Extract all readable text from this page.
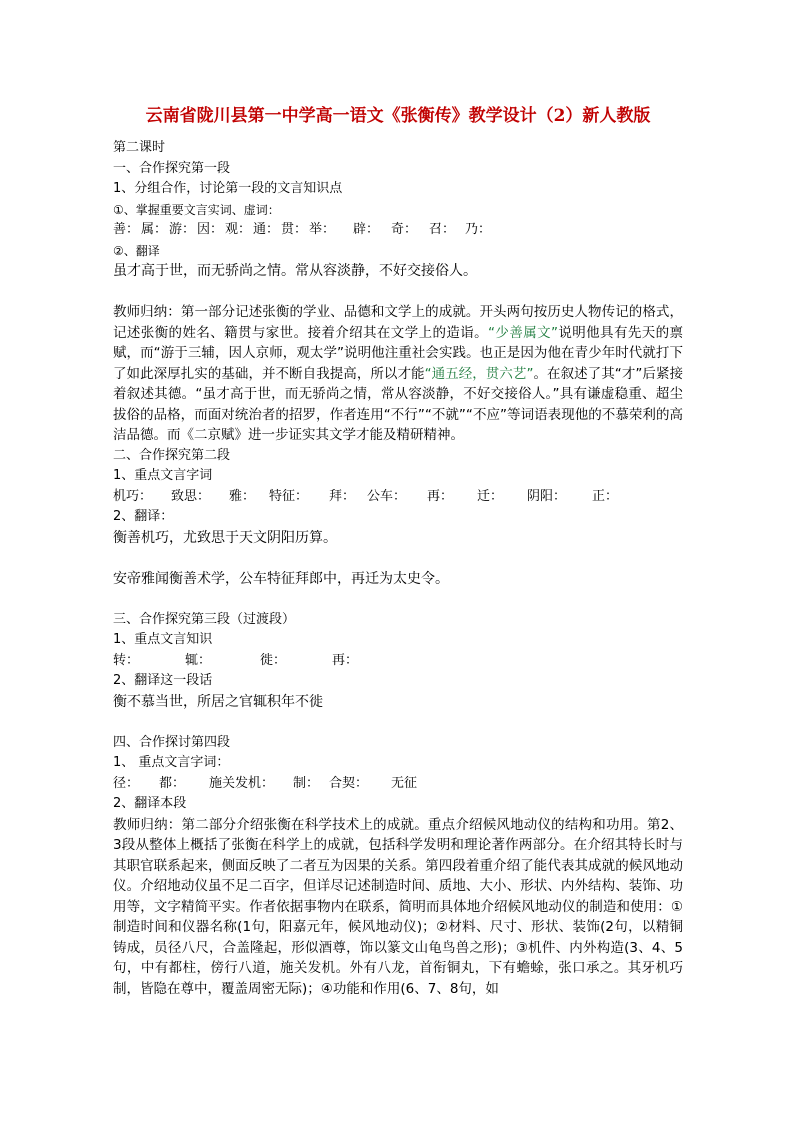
云南省陇川县第一中学高一语文《张衡传》教学设计（2）新人教版
第二课时
一、合作探究第一段
1、分组合作，讨论第一段的文言知识点
①、掌握重要文言实词、虚词：
善： 属： 游： 因： 观： 通： 贯： 举：	辟： 奇： 召： 乃：
②、翻译
虽才高于世，而无骄尚之情。常从容淡静，不好交接俗人。

教师归纳：第一部分记述张衡的学业、品德和文学上的成就。开头两句按历史人物传记的格式，记述张衡的姓名、籍贯与家世。接着介绍其在文学上的造诣。“少善属文”说明他具有先天的禀赋，而“游于三辅，因人京师，观太学”说明他注重社会实践。也正是因为他在青少年时代就打下了如此深厚扎实的基础，并不断自我提高，所以才能“通五经，贯六艺”。在叙述了其“才”后紧接着叙述其德。“虽才高于世，而无骄尚之情，常从容淡静，不好交接俗人。”具有谦虚稳重、超尘拔俗的品格，而面对统治者的招罗，作者连用“不行”“不就”“不应”等词语表现他的不慕荣利的高洁品德。而《二京赋》进一步证实其文学才能及精研精神。

二、合作探究第二段
1、重点文言字词
机巧：	致思：	雅：	特征：	拜： 公车：	再：	迁：	阴阳：	正：
2、翻译：
衡善机巧，尤致思于天文阴阳历算。
安帝雅闻衡善术学，公车特征拜郎中，再迁为太史令。
三、合作探究第三段（过渡段）
1、重点文言知识
转：	辄：	徙：	再：
2、翻译这一段话
衡不慕当世，所居之官辄积年不徙
四、合作探讨第四段
1、 重点文言字词：
径：	都：	施关发机：	制： 合契：	无征
2、翻译本段

教师归纳：第二部分介绍张衡在科学技术上的成就。重点介绍候风地动仪的结构和功用。第2、3段从整体上概括了张衡在科学上的成就，包括科学发明和理论著作两部分。在介绍其特长时与其职官联系起来，侧面反映了二者互为因果的关系。第四段着重介绍了能代表其成就的候风地动仪。介绍地动仪虽不足二百字，但详尽记述制造时间、质地、大小、形状、内外结构、装饰、功用等，文字精简平实。作者依据事物内在联系，简明而具体地介绍候风地动仪的制造和使用：①制造时间和仪器名称(1句，阳嘉元年，候风地动仪)；②材料、尺寸、形状、装饰(2句，以精铜铸成，员径八尺，合盖隆起，形似酒尊，饰以篆文山龟鸟兽之形)；③机件、内外构造(3、4、5句，中有都柱，傍行八道，施关发机。外有八龙，首衔铜丸，下有蟾蜍，张口承之。其牙机巧制，皆隐在尊中，覆盖周密无际)；④功能和作用(6、7、8句，如
